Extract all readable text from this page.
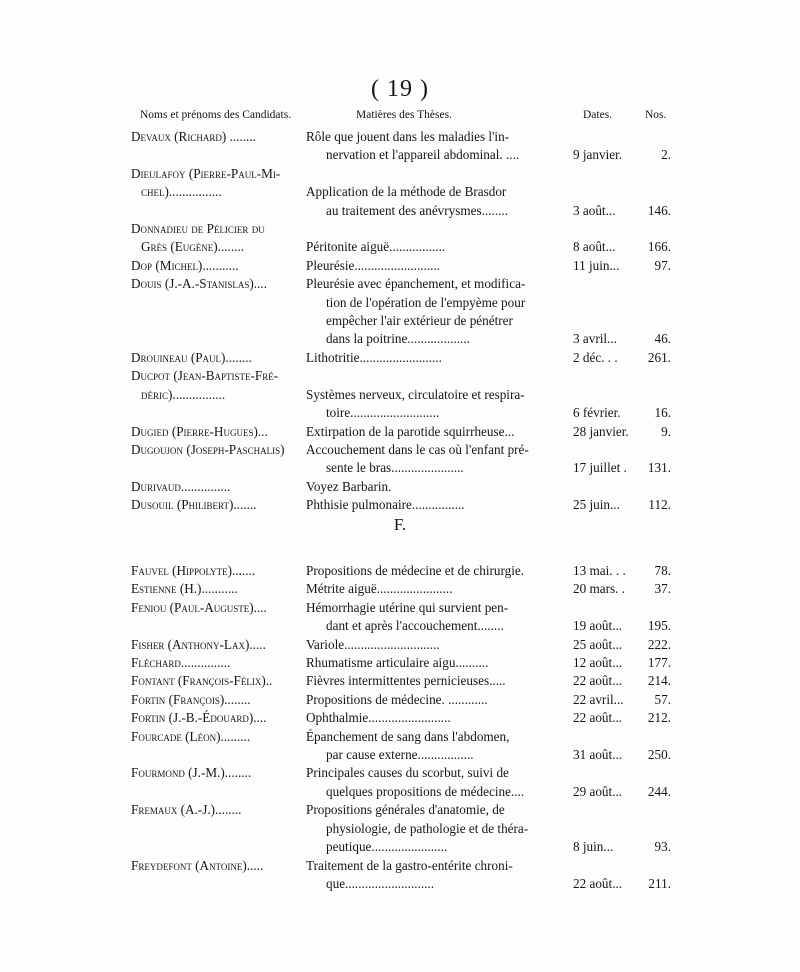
( 19 )
Noms et prénoms des Candidats.	Matières des Thèses.	Dates.	Nos.
Devaux (Richard) ........	Rôle que jouent dans les maladies l'in-
nervation et l'appareil abdominal. ....	9 janvier.	2.
Dieulafoy (Pierre-Paul-Mi-
chel)................
	Application de la méthode de Brasdor
au traitement des anévrysmes........	3 août...	146.
Donnadieu de Pélicier du
Grès (Eugène)........
	Péritonite aiguë.................	8 août...	166.
Dop (Michel)...........	Pleurésie..........................	11 juin...	97.
Douis (J.-A.-Stanislas)....	Pleurésie avec épanchement, et modifica-
tion de l'opération de l'empyème pour
empêcher l'air extérieur de pénétrer
dans la poitrine...................	3 avril...	46.
Drouineau (Paul)........	Lithotritie.........................	2 déc. . .	261.
Ducpot (Jean-Baptiste-Fré-
déric)................
	Systèmes nerveux, circulatoire et respira-
toire...........................	6 février.	16.
Dugied (Pierre-Hugues)...	Extirpation de la parotide squirrheuse...	28 janvier.	9.
Dugoujon (Joseph-Paschalis)	Accouchement dans le cas où l'enfant pré-
sente le bras......................	17 juillet .	131.
Durivaud...............	Voyez Barbarin.
Dusouil (Philibert).......	Phthisie pulmonaire................	25 juin...	112.
F.
Fauvel (Hippolyte).......	Propositions de médecine et de chirurgie.	13 mai. . .	78.
Estienne (H.)...........	Métrite aiguë.......................	20 mars. .	37.
Feniou (Paul-Auguste)....	Hémorrhagie utérine qui survient pen-
dant et après l'accouchement........	19 août...	195.
Fisher (Anthony-Lax).....	Variole.............................	25 août...	222.
Fléchard...............	Rhumatisme articulaire aigu..........	12 août...	177.
Fontant (François-Félix)..	Fièvres intermittentes pernicieuses.....	22 août...	214.
Fortin (François)........	Propositions de médecine. ............	22 avril...	57.
Fortin (J.-B.-Édouard)....	Ophthalmie.........................	22 août...	212.
Fourcade (Léon).........	Épanchement de sang dans l'abdomen,
par cause externe.................	31 août...	250.
Fourmond (J.-M.)........	Principales causes du scorbut, suivi de
quelques propositions de médecine....	29 août...	244.
Fremaux (A.-J.)........	Propositions générales d'anatomie, de
physiologie, de pathologie et de théra-
peutique.......................	8 juin...	93.
Freydefont (Antoine).....	Traitement de la gastro-entérite chroni-
que...........................	22 août...	211.
